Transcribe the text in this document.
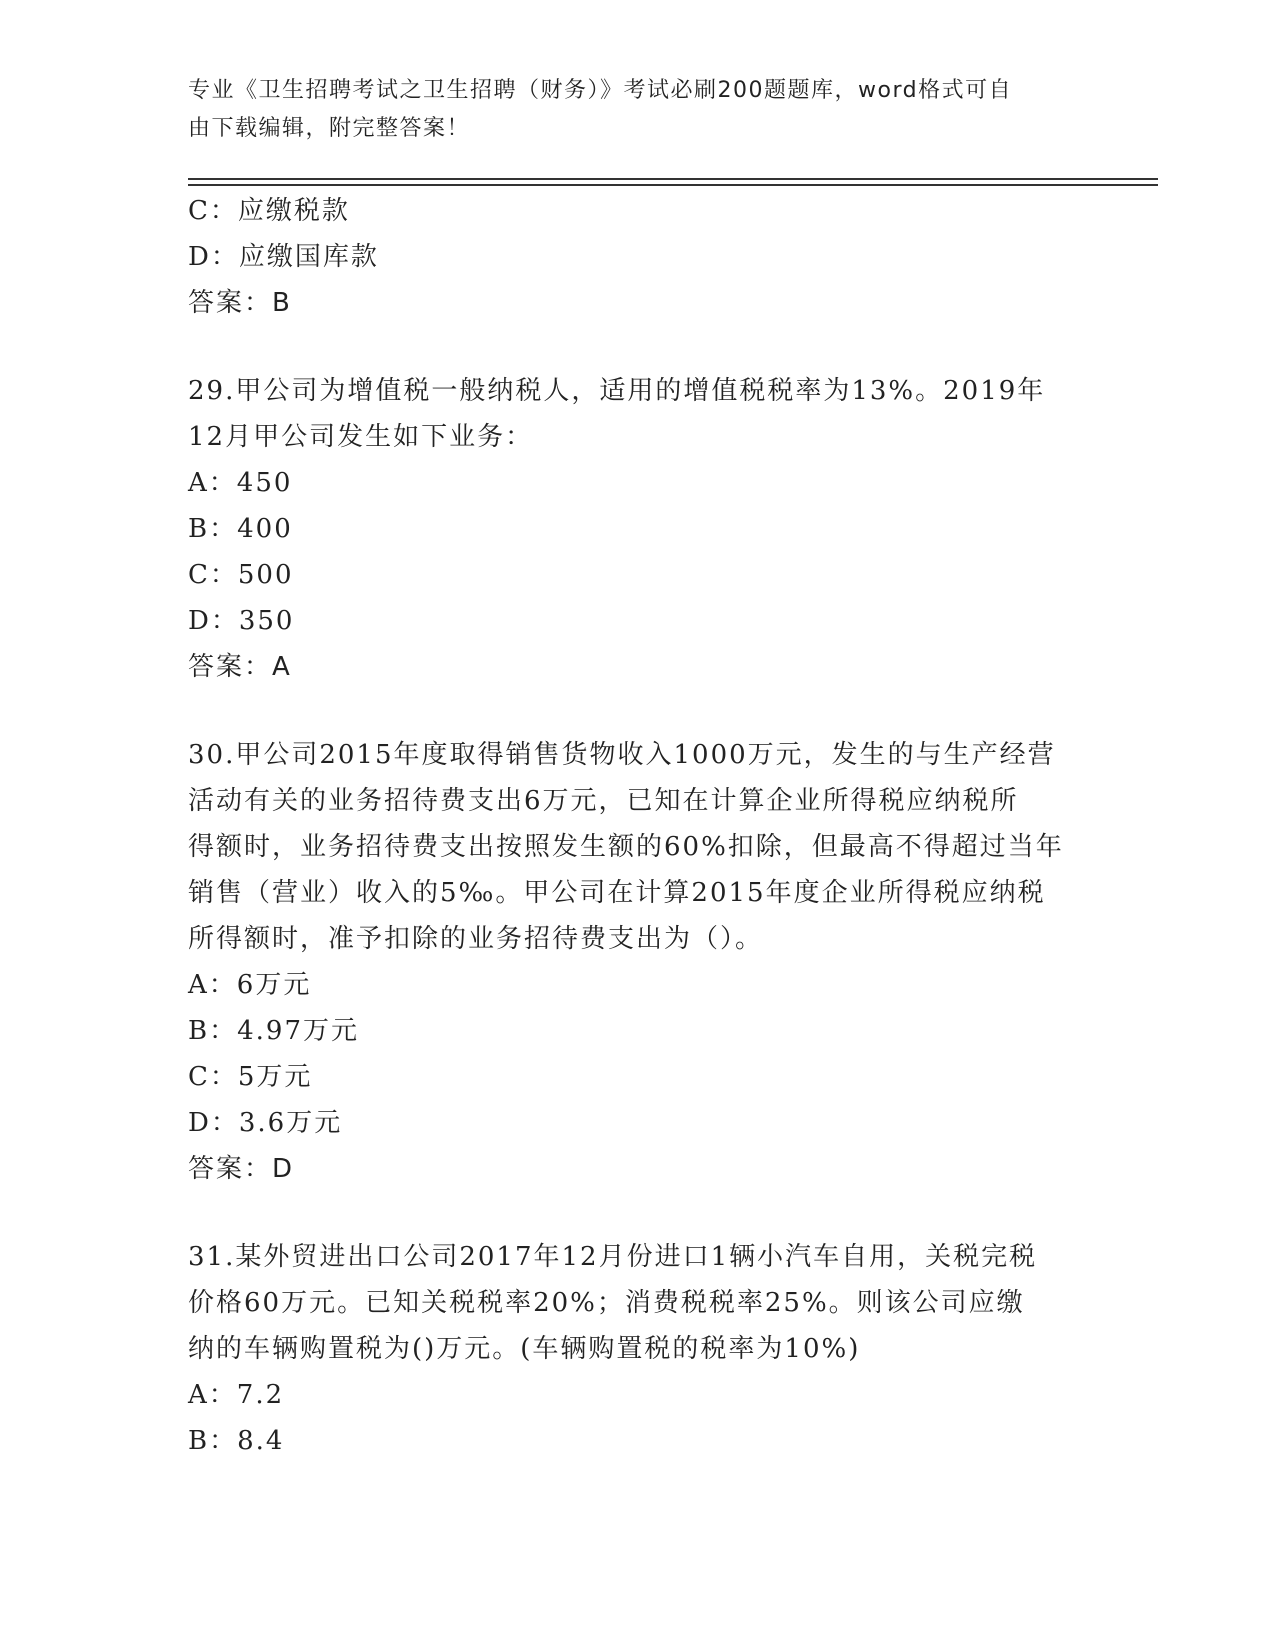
专业《卫生招聘考试之卫生招聘（财务）》考试必刷200题题库，word格式可自
由下载编辑，附完整答案！
C：应缴税款
D：应缴国库款
答案：B
29.甲公司为增值税一般纳税人，适用的增值税税率为13%。2019年
12月甲公司发生如下业务：
A：450
B：400
C：500
D：350
答案：A
30.甲公司2015年度取得销售货物收入1000万元，发生的与生产经营
活动有关的业务招待费支出6万元，已知在计算企业所得税应纳税所
得额时，业务招待费支出按照发生额的60%扣除，但最高不得超过当年
销售（营业）收入的5‰。甲公司在计算2015年度企业所得税应纳税
所得额时，准予扣除的业务招待费支出为（）。
A：6万元
B：4.97万元
C：5万元
D：3.6万元
答案：D
31.某外贸进出口公司2017年12月份进口1辆小汽车自用，关税完税
价格60万元。已知关税税率20%；消费税税率25%。则该公司应缴
纳的车辆购置税为()万元。(车辆购置税的税率为10%)
A：7.2
B：8.4
